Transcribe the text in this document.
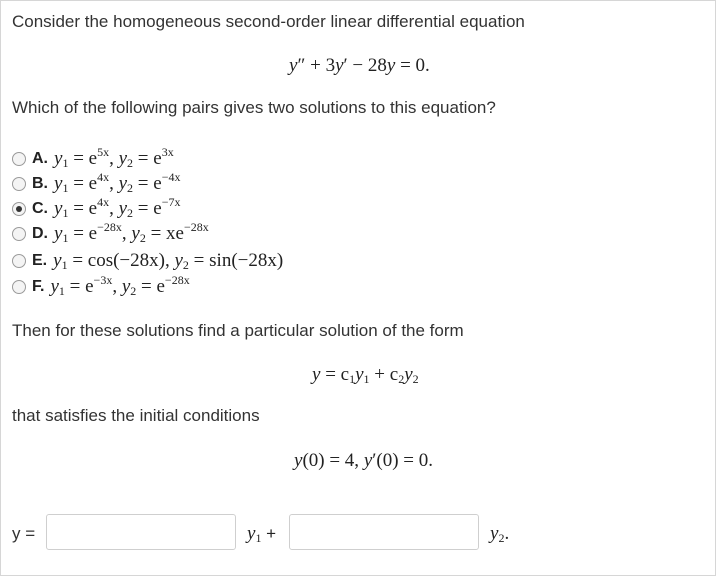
Consider the homogeneous second-order linear differential equation
y″ + 3y′ − 28y = 0.
Which of the following pairs gives two solutions to this equation?
A. $y_1 = e^{5x}$, $y_2 = e^{3x}$
B. $y_1 = e^{4x}$, $y_2 = e^{-4x}$
C. $y_1 = e^{4x}$, $y_2 = e^{-7x}$
D. $y_1 = e^{-28x}$, $y_2 = xe^{-28x}$
E. $y_1 = \cos(-28x)$, $y_2 = \sin(-28x)$
F. $y_1 = e^{-3x}$, $y_2 = e^{-28x}$
Then for these solutions find a particular solution of the form
$y = c_1y_1 + c_2y_2$
that satisfies the initial conditions
y(0) = 4, y′(0) = 0.
y =	$y_1$ +	$y_2$.
